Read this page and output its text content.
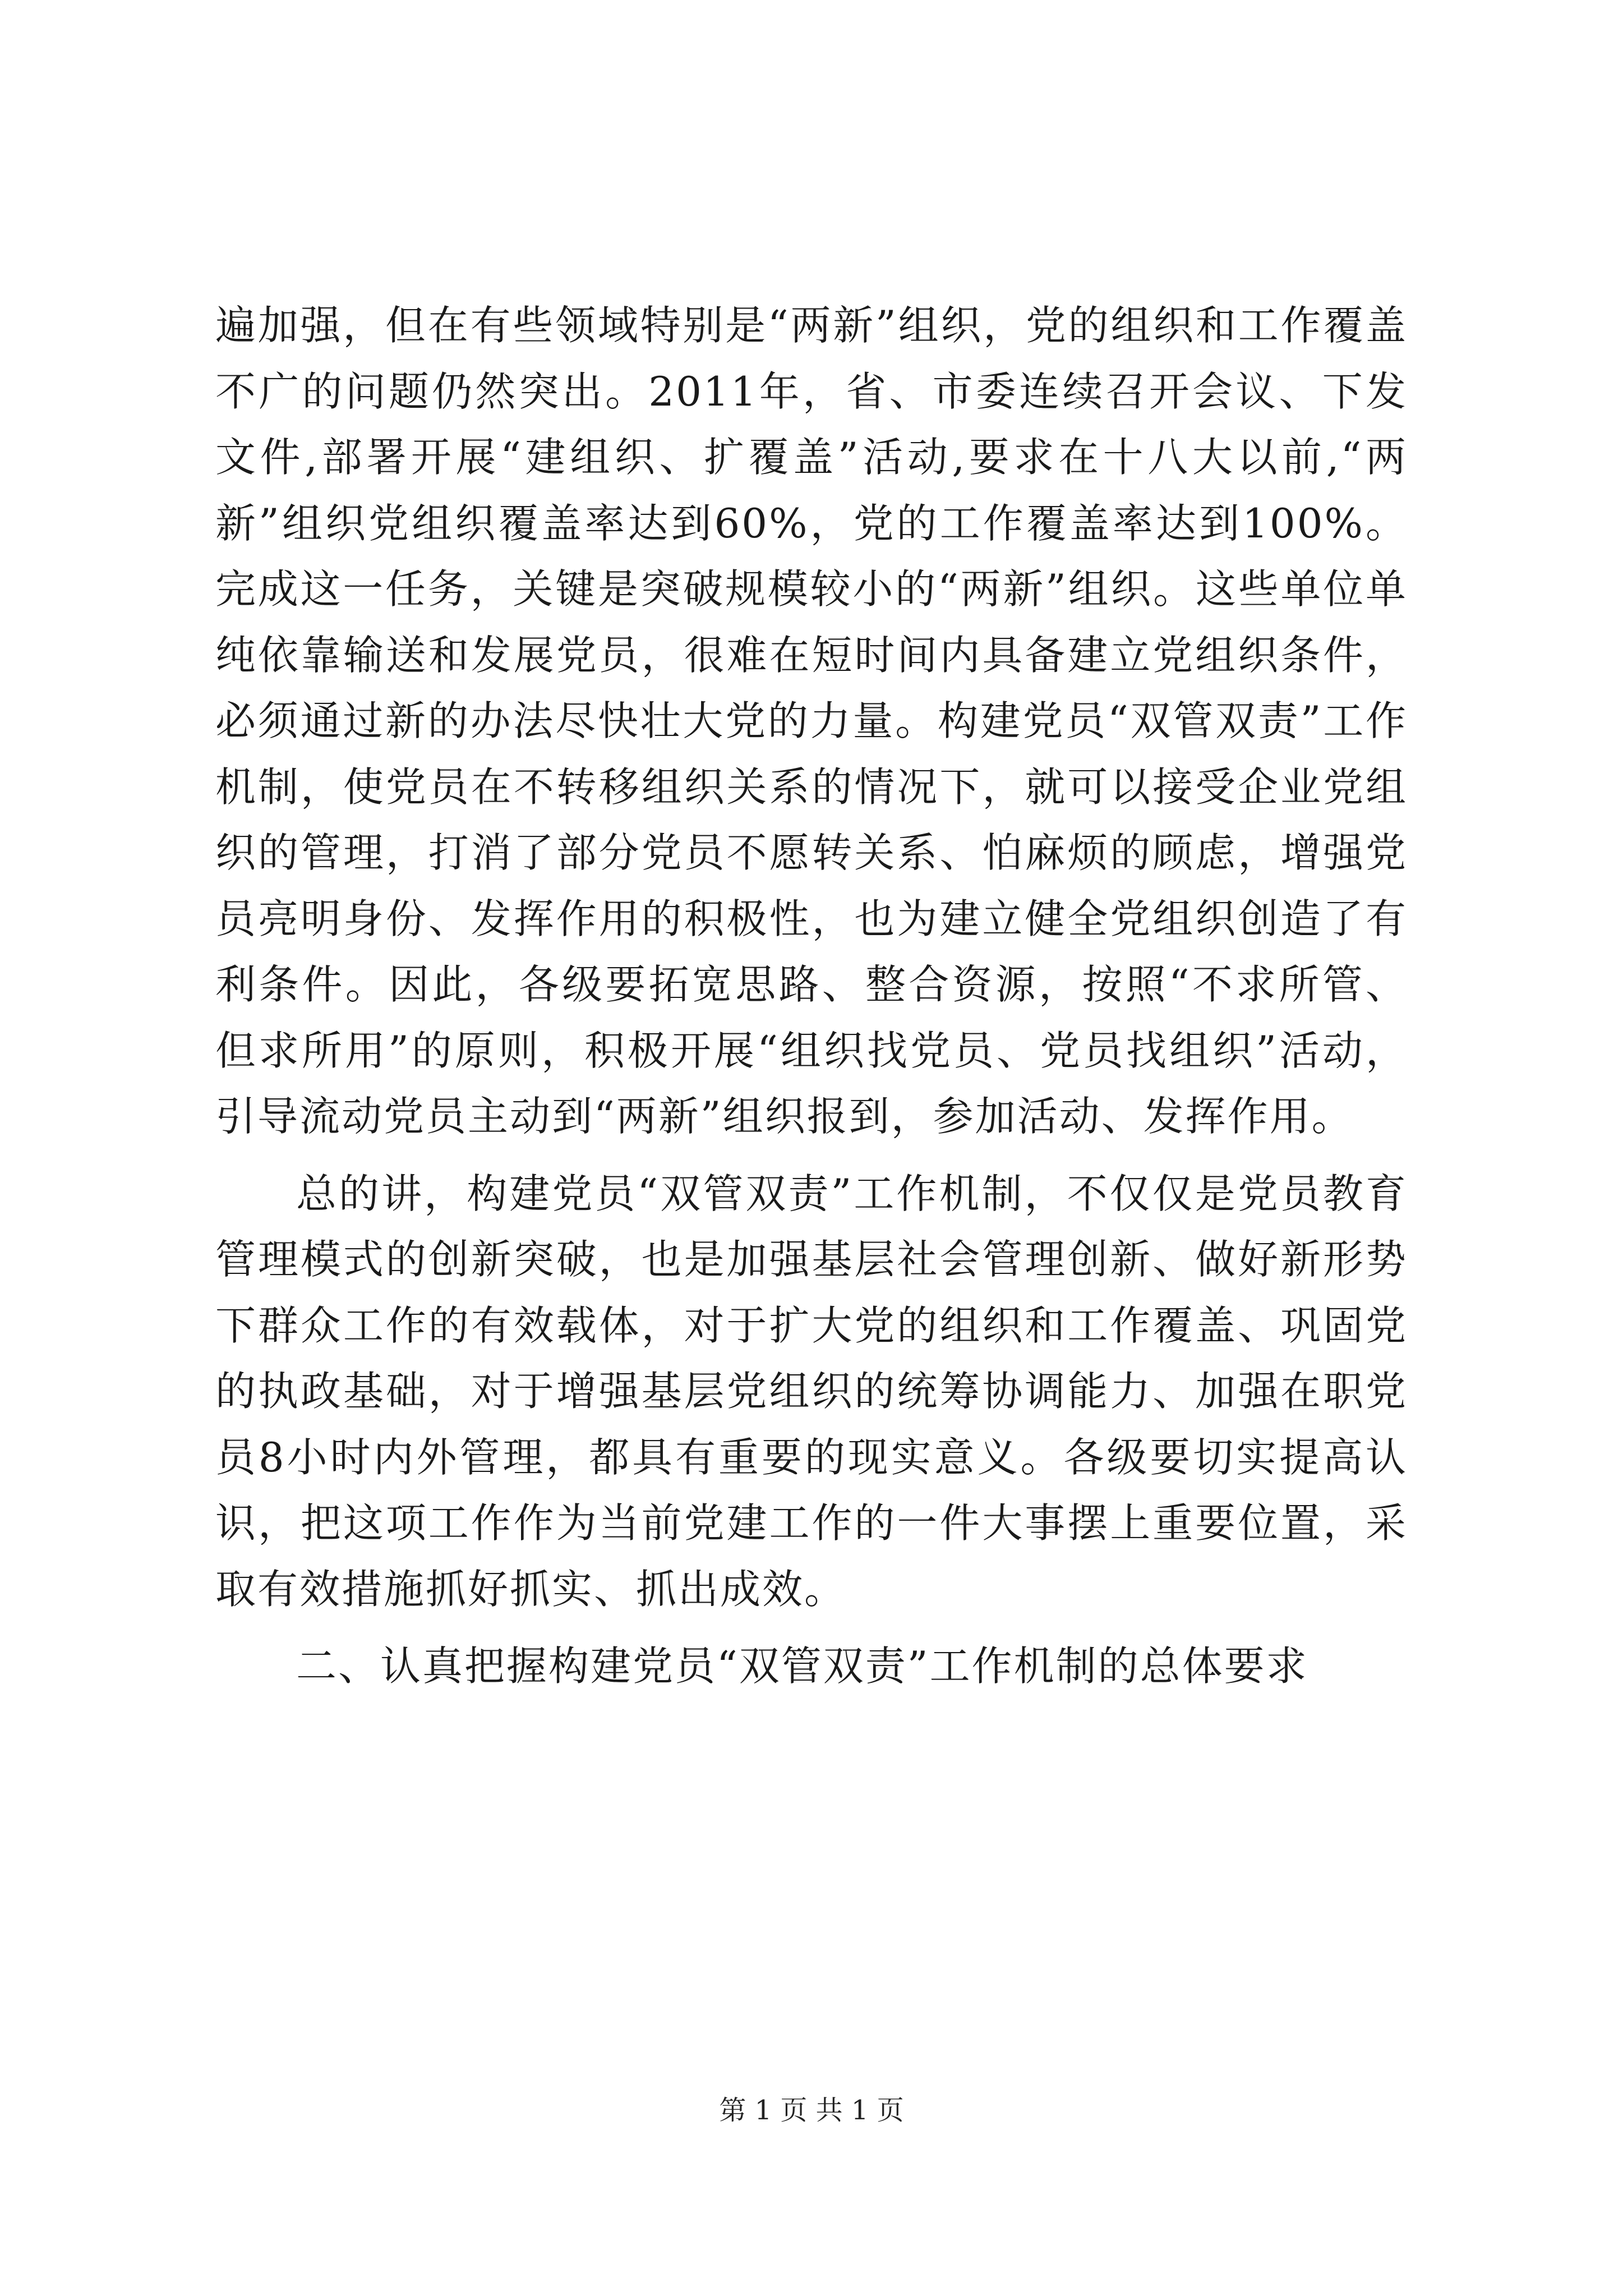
遍加强，但在有些领域特别是“两新”组织，党的组织和工作覆盖不广的问题仍然突出。2011年，省、市委连续召开会议、下发文件,部署开展“建组织、扩覆盖”活动,要求在十八大以前,“两新”组织党组织覆盖率达到60%，党的工作覆盖率达到100%。完成这一任务，关键是突破规模较小的“两新”组织。这些单位单纯依靠输送和发展党员，很难在短时间内具备建立党组织条件，必须通过新的办法尽快壮大党的力量。构建党员“双管双责”工作机制，使党员在不转移组织关系的情况下，就可以接受企业党组织的管理，打消了部分党员不愿转关系、怕麻烦的顾虑，增强党员亮明身份、发挥作用的积极性，也为建立健全党组织创造了有利条件。因此，各级要拓宽思路、整合资源，按照“不求所管、但求所用”的原则，积极开展“组织找党员、党员找组织”活动，引导流动党员主动到“两新”组织报到，参加活动、发挥作用。

总的讲，构建党员“双管双责”工作机制，不仅仅是党员教育管理模式的创新突破，也是加强基层社会管理创新、做好新形势下群众工作的有效载体，对于扩大党的组织和工作覆盖、巩固党的执政基础，对于增强基层党组织的统筹协调能力、加强在职党员8小时内外管理，都具有重要的现实意义。各级要切实提高认识，把这项工作作为当前党建工作的一件大事摆上重要位置，采取有效措施抓好抓实、抓出成效。

二、认真把握构建党员“双管双责”工作机制的总体要求

第 1 页 共 1 页
